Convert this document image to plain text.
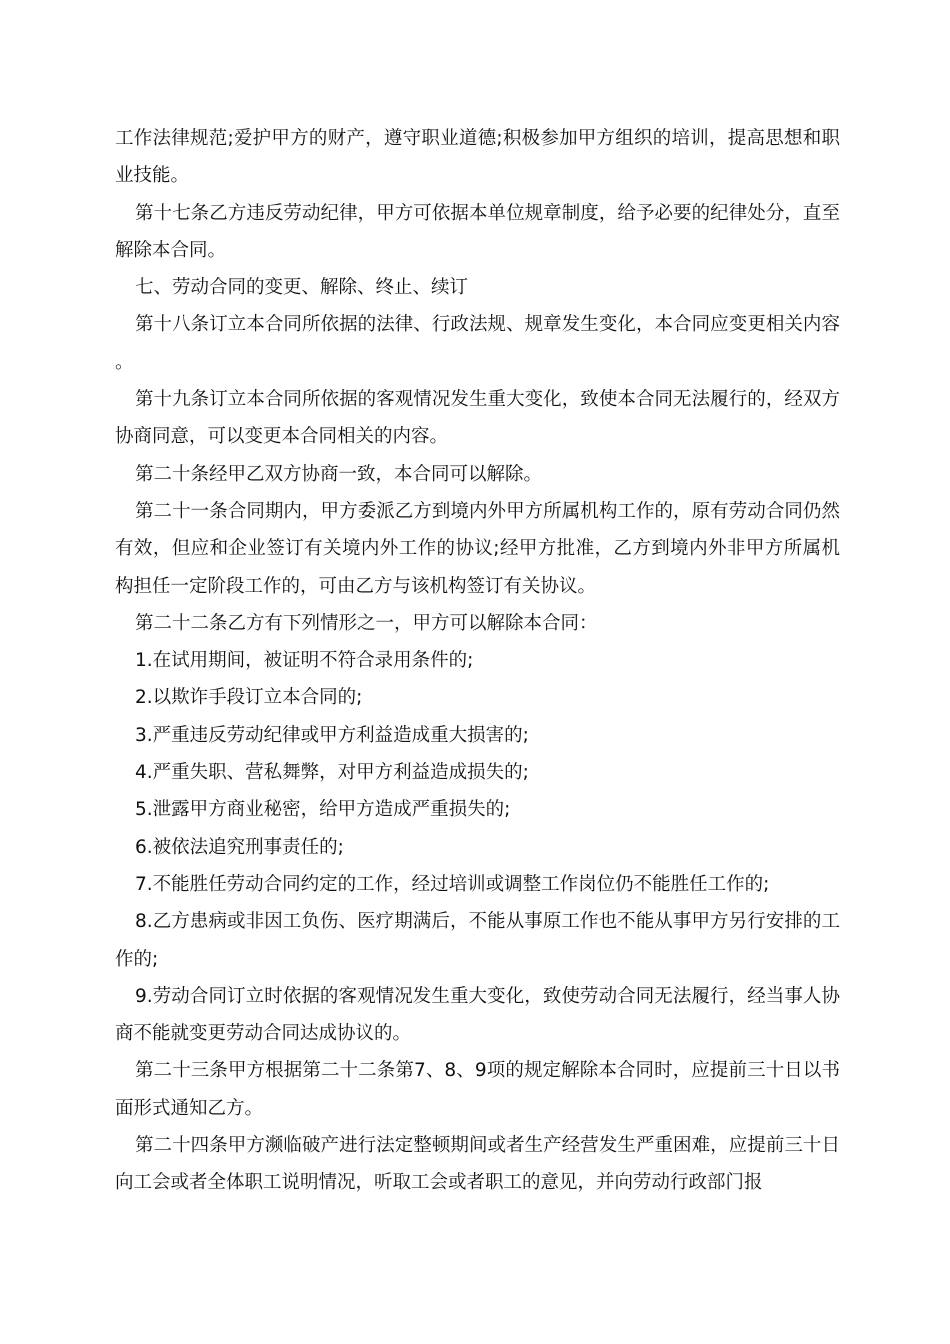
工作法律规范;爱护甲方的财产，遵守职业道德;积极参加甲方组织的培训，提高思想和职业技能。

第十七条乙方违反劳动纪律，甲方可依据本单位规章制度，给予必要的纪律处分，直至解除本合同。

七、劳动合同的变更、解除、终止、续订

第十八条订立本合同所依据的法律、行政法规、规章发生变化，本合同应变更相关内容。

第十九条订立本合同所依据的客观情况发生重大变化，致使本合同无法履行的，经双方协商同意，可以变更本合同相关的内容。

第二十条经甲乙双方协商一致，本合同可以解除。

第二十一条合同期内，甲方委派乙方到境内外甲方所属机构工作的，原有劳动合同仍然有效，但应和企业签订有关境内外工作的协议;经甲方批准，乙方到境内外非甲方所属机构担任一定阶段工作的，可由乙方与该机构签订有关协议。

第二十二条乙方有下列情形之一，甲方可以解除本合同：

1.在试用期间，被证明不符合录用条件的;

2.以欺诈手段订立本合同的;

3.严重违反劳动纪律或甲方利益造成重大损害的;

4.严重失职、营私舞弊，对甲方利益造成损失的;

5.泄露甲方商业秘密，给甲方造成严重损失的;

6.被依法追究刑事责任的;

7.不能胜任劳动合同约定的工作，经过培训或调整工作岗位仍不能胜任工作的;

8.乙方患病或非因工负伤、医疗期满后，不能从事原工作也不能从事甲方另行安排的工作的;

9.劳动合同订立时依据的客观情况发生重大变化，致使劳动合同无法履行，经当事人协商不能就变更劳动合同达成协议的。

第二十三条甲方根据第二十二条第7、8、9项的规定解除本合同时，应提前三十日以书面形式通知乙方。

第二十四条甲方濒临破产进行法定整顿期间或者生产经营发生严重困难，应提前三十日向工会或者全体职工说明情况，听取工会或者职工的意见，并向劳动行政部门报
